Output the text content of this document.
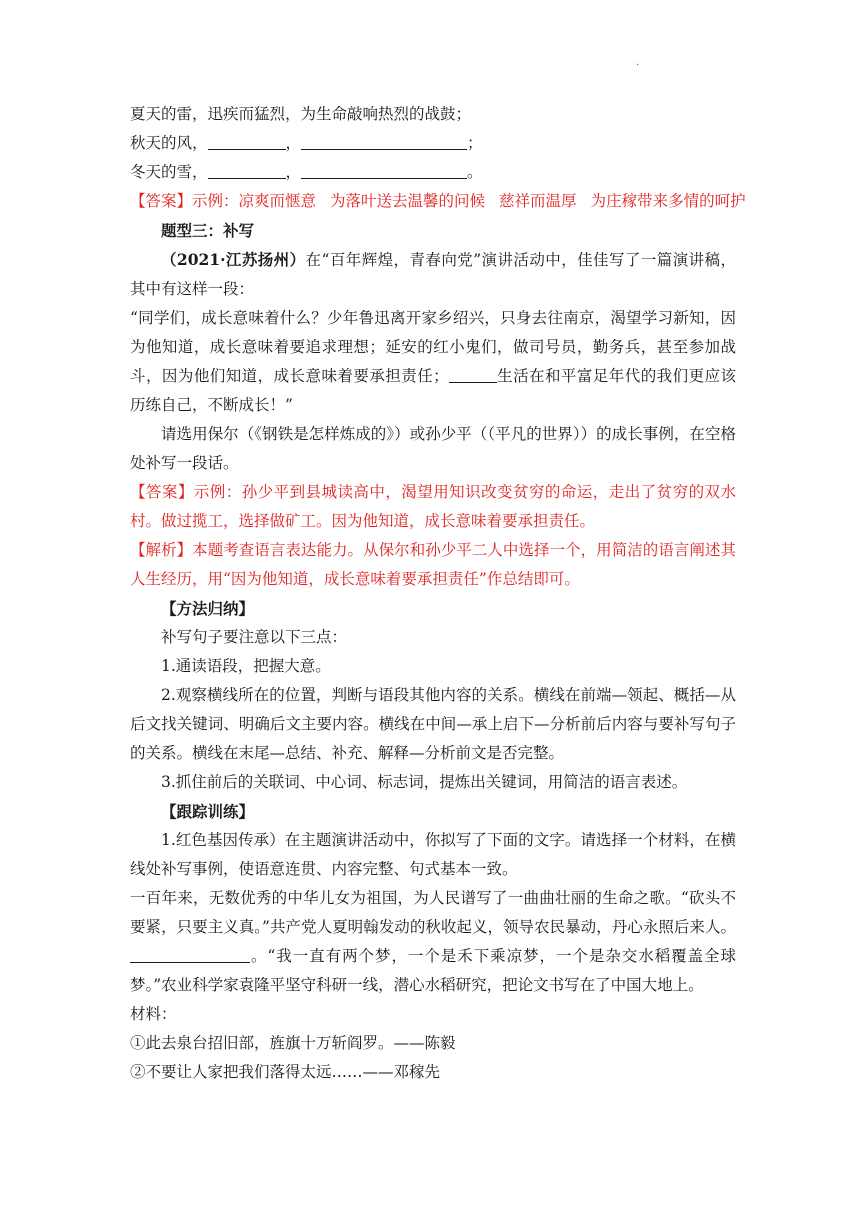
·
夏天的雷，迅疾而猛烈，为生命敲响热烈的战鼓；
秋天的风，	，	；
冬天的雪，	，	。
【答案】示例：凉爽而惬意 为落叶送去温馨的问候 慈祥而温厚 为庄稼带来多情的呵护
题型三：补写

（2021·江苏扬州）在“百年辉煌，青春向党”演讲活动中，佳佳写了一篇演讲稿，其中有这样一段：

“同学们，成长意味着什么？少年鲁迅离开家乡绍兴，只身去往南京，渴望学习新知，因为他知道，成长意味着要追求理想；延安的红小鬼们，做司号员，勤务兵，甚至参加战斗，因为他们知道，成长意味着要承担责任；	生活在和平富足年代的我们更应该历练自己，不断成长！”

请选用保尔（《钢铁是怎样炼成的》）或孙少平（（平凡的世界））的成长事例，在空格处补写一段话。

【答案】示例：孙少平到县城读高中，渴望用知识改变贫穷的命运，走出了贫穷的双水村。做过揽工，选择做矿工。因为他知道，成长意味着要承担责任。

【解析】本题考查语言表达能力。从保尔和孙少平二人中选择一个，用简洁的语言阐述其人生经历，用“因为他知道，成长意味着要承担责任”作总结即可。

【方法归纳】
补写句子要注意以下三点：
1.通读语段，把握大意。

2.观察横线所在的位置，判断与语段其他内容的关系。横线在前端—领起、概括—从后文找关键词、明确后文主要内容。横线在中间—承上启下—分析前后内容与要补写句子的关系。横线在末尾—总结、补充、解释—分析前文是否完整。

3.抓住前后的关联词、中心词、标志词，提炼出关键词，用简洁的语言表述。
【跟踪训练】

1.红色基因传承）在主题演讲活动中，你拟写了下面的文字。请选择一个材料，在横线处补写事例，使语意连贯、内容完整、句式基本一致。

一百年来，无数优秀的中华儿女为祖国，为人民谱写了一曲曲壮丽的生命之歌。“砍头不要紧，只要主义真。”共产党人夏明翰发动的秋收起义，领导农民暴动，丹心永照后来人。。“我一直有两个梦，一个是禾下乘凉梦，一个是杂交水稻覆盖全球梦。”农业科学家袁隆平坚守科研一线，潜心水稻研究，把论文书写在了中国大地上。

材料：
①此去泉台招旧部，旌旗十万斩阎罗。——陈毅
②不要让人家把我们落得太远……——邓稼先
